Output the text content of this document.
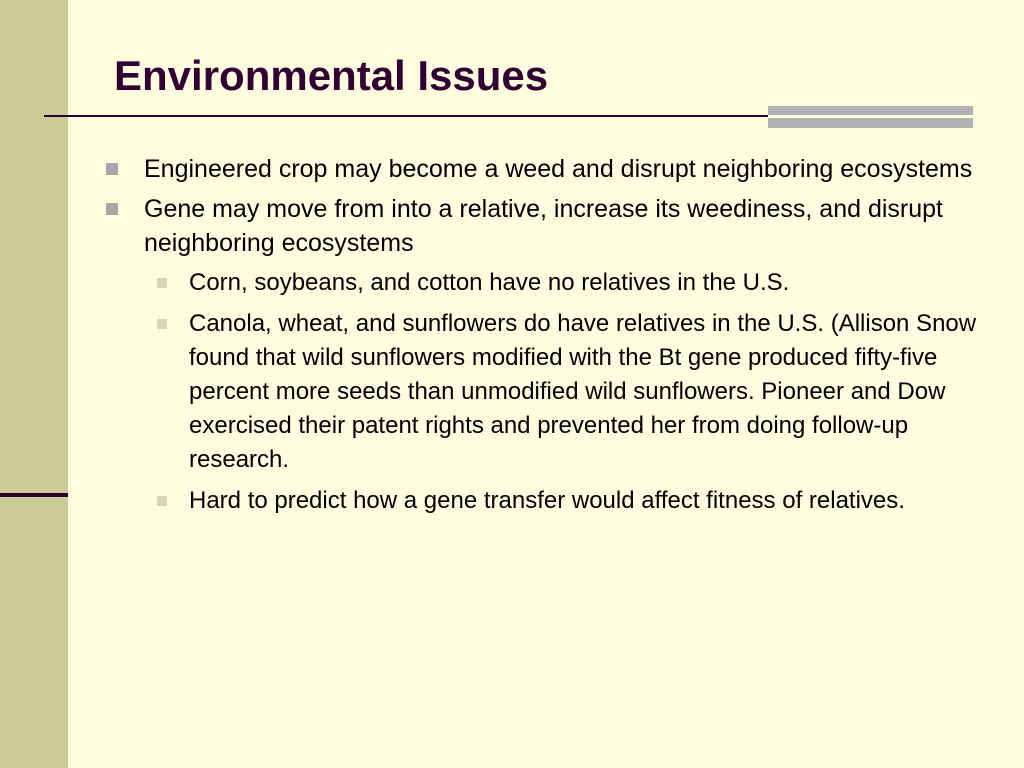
Environmental Issues
Engineered crop may become a weed and disrupt neighboring ecosystems
Gene may move from into a relative, increase its weediness, and disrupt neighboring ecosystems
Corn, soybeans, and cotton have no relatives in the U.S.
Canola, wheat, and sunflowers do have relatives in the U.S. (Allison Snow found that wild sunflowers modified with the Bt gene produced fifty-five percent more seeds than unmodified wild sunflowers. Pioneer and Dow exercised their patent rights and prevented her from doing follow-up research.
Hard to predict how a gene transfer would affect fitness of relatives.
